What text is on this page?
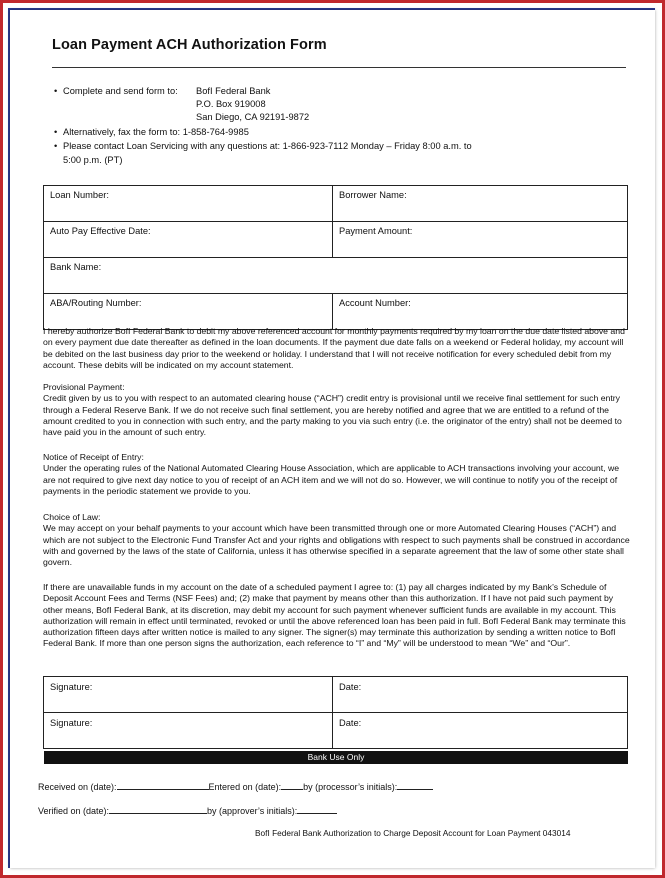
Loan Payment ACH Authorization Form
• Complete and send form to: BofI Federal Bank
P.O. Box 919008
San Diego, CA 92191-9872
• Alternatively, fax the form to: 1-858-764-9985
• Please contact Loan Servicing with any questions at: 1-866-923-7112 Monday – Friday 8:00 a.m. to
5:00 p.m. (PT)
Loan Number:	Borrower Name:
Auto Pay Effective Date:	Payment Amount:
Bank Name:	
ABA/Routing Number:	Account Number:

I hereby authorize BofI Federal Bank to debit my above referenced account for monthly payments required by my loan on the due date listed above and on every payment due date thereafter as defined in the loan documents. If the payment due date falls on a weekend or Federal holiday, my account will be debited on the last business day prior to the weekend or holiday. I understand that I will not receive notification for every scheduled debit from my account. These debits will be indicated on my account statement.

Provisional Payment:

Credit given by us to you with respect to an automated clearing house (“ACH”) credit entry is provisional until we receive final settlement for such entry through a Federal Reserve Bank. If we do not receive such final settlement, you are hereby notified and agree that we are entitled to a refund of the amount credited to you in connection with such entry, and the party making to you via such entry (i.e. the originator of the entry) shall not be deemed to have paid you in the amount of such entry.

Notice of Receipt of Entry:

Under the operating rules of the National Automated Clearing House Association, which are applicable to ACH transactions involving your account, we are not required to give next day notice to you of receipt of an ACH item and we will not do so. However, we will continue to notify you of the receipt of payments in the periodic statement we provide to you.

Choice of Law:

We may accept on your behalf payments to your account which have been transmitted through one or more Automated Clearing Houses (“ACH”) and which are not subject to the Electronic Fund Transfer Act and your rights and obligations with respect to such payments shall be construed in accordance with and governed by the laws of the state of California, unless it has otherwise specified in a separate agreement that the law of some other state shall govern.

If there are unavailable funds in my account on the date of a scheduled payment I agree to: (1) pay all charges indicated by my Bank’s Schedule of Deposit Account Fees and Terms (NSF Fees) and; (2) make that payment by means other than this authorization. If I have not paid such payment by other means, BofI Federal Bank, at its discretion, may debit my account for such payment whenever sufficient funds are available in my account. This authorization will remain in effect until terminated, revoked or until the above referenced loan has been paid in full. BofI Federal Bank may terminate this authorization fifteen days after written notice is mailed to any signer. The signer(s) may terminate this authorization by sending a written notice to BofI Federal Bank. If more than one person signs the authorization, each reference to “I” and “My” will be understood to mean “We” and “Our”.

Signature:	Date:
Signature:	Date:
Bank Use Only
Received on (date):	Entered on (date): by (processor’s initials):
Verified on (date):	by (approver’s initials):
BofI Federal Bank Authorization to Charge Deposit Account for Loan Payment 043014
